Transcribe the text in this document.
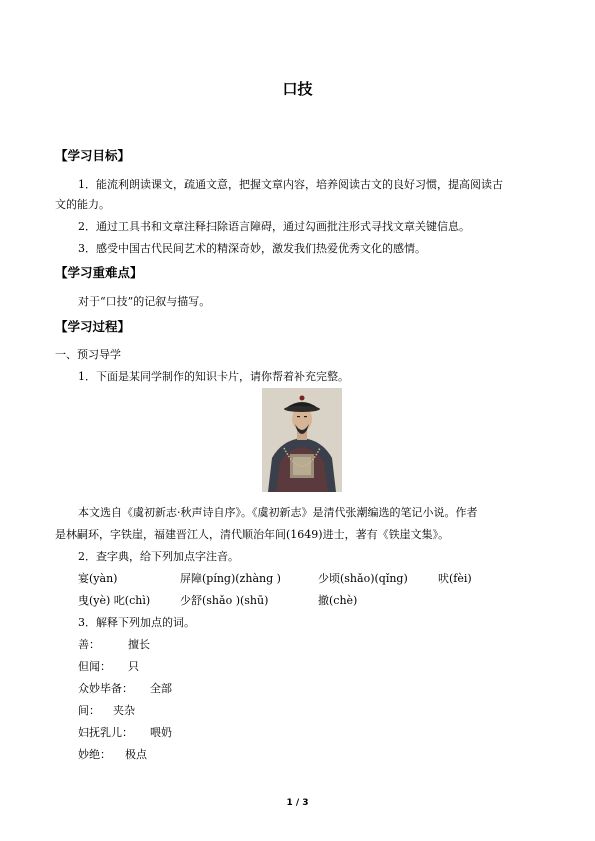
口技
【学习目标】
1．能流利朗读课文，疏通文意，把握文章内容，培养阅读古文的良好习惯，提高阅读古
文的能力。
2．通过工具书和文章注释扫除语言障碍，通过勾画批注形式寻找文章关键信息。
3．感受中国古代民间艺术的精深奇妙，激发我们热爱优秀文化的感情。
【学习重难点】
对于“口技”的记叙与描写。
【学习过程】
一、预习导学
1．下面是某同学制作的知识卡片，请你帮着补充完整。
本文选自《虞初新志·秋声诗自序》。《虞初新志》是清代张潮编选的笔记小说。作者
是林嗣环，字铁崖，福建晋江人，清代顺治年间(1649)进士，著有《铁崖文集》。
2．查字典，给下列加点字注音。
宴(yàn)	屏障(píng)(zhàng )	少顷(shǎo)(qǐng)	吠(fèi)
曳(yè) 叱(chì)	少舒(shǎo )(shū)	撤(chè)
3．解释下列加点的词。
善：	擅长
但闻： 只
众妙毕备： 全部
间： 夹杂
妇抚乳儿： 喂奶
妙绝： 极点
1 / 3
